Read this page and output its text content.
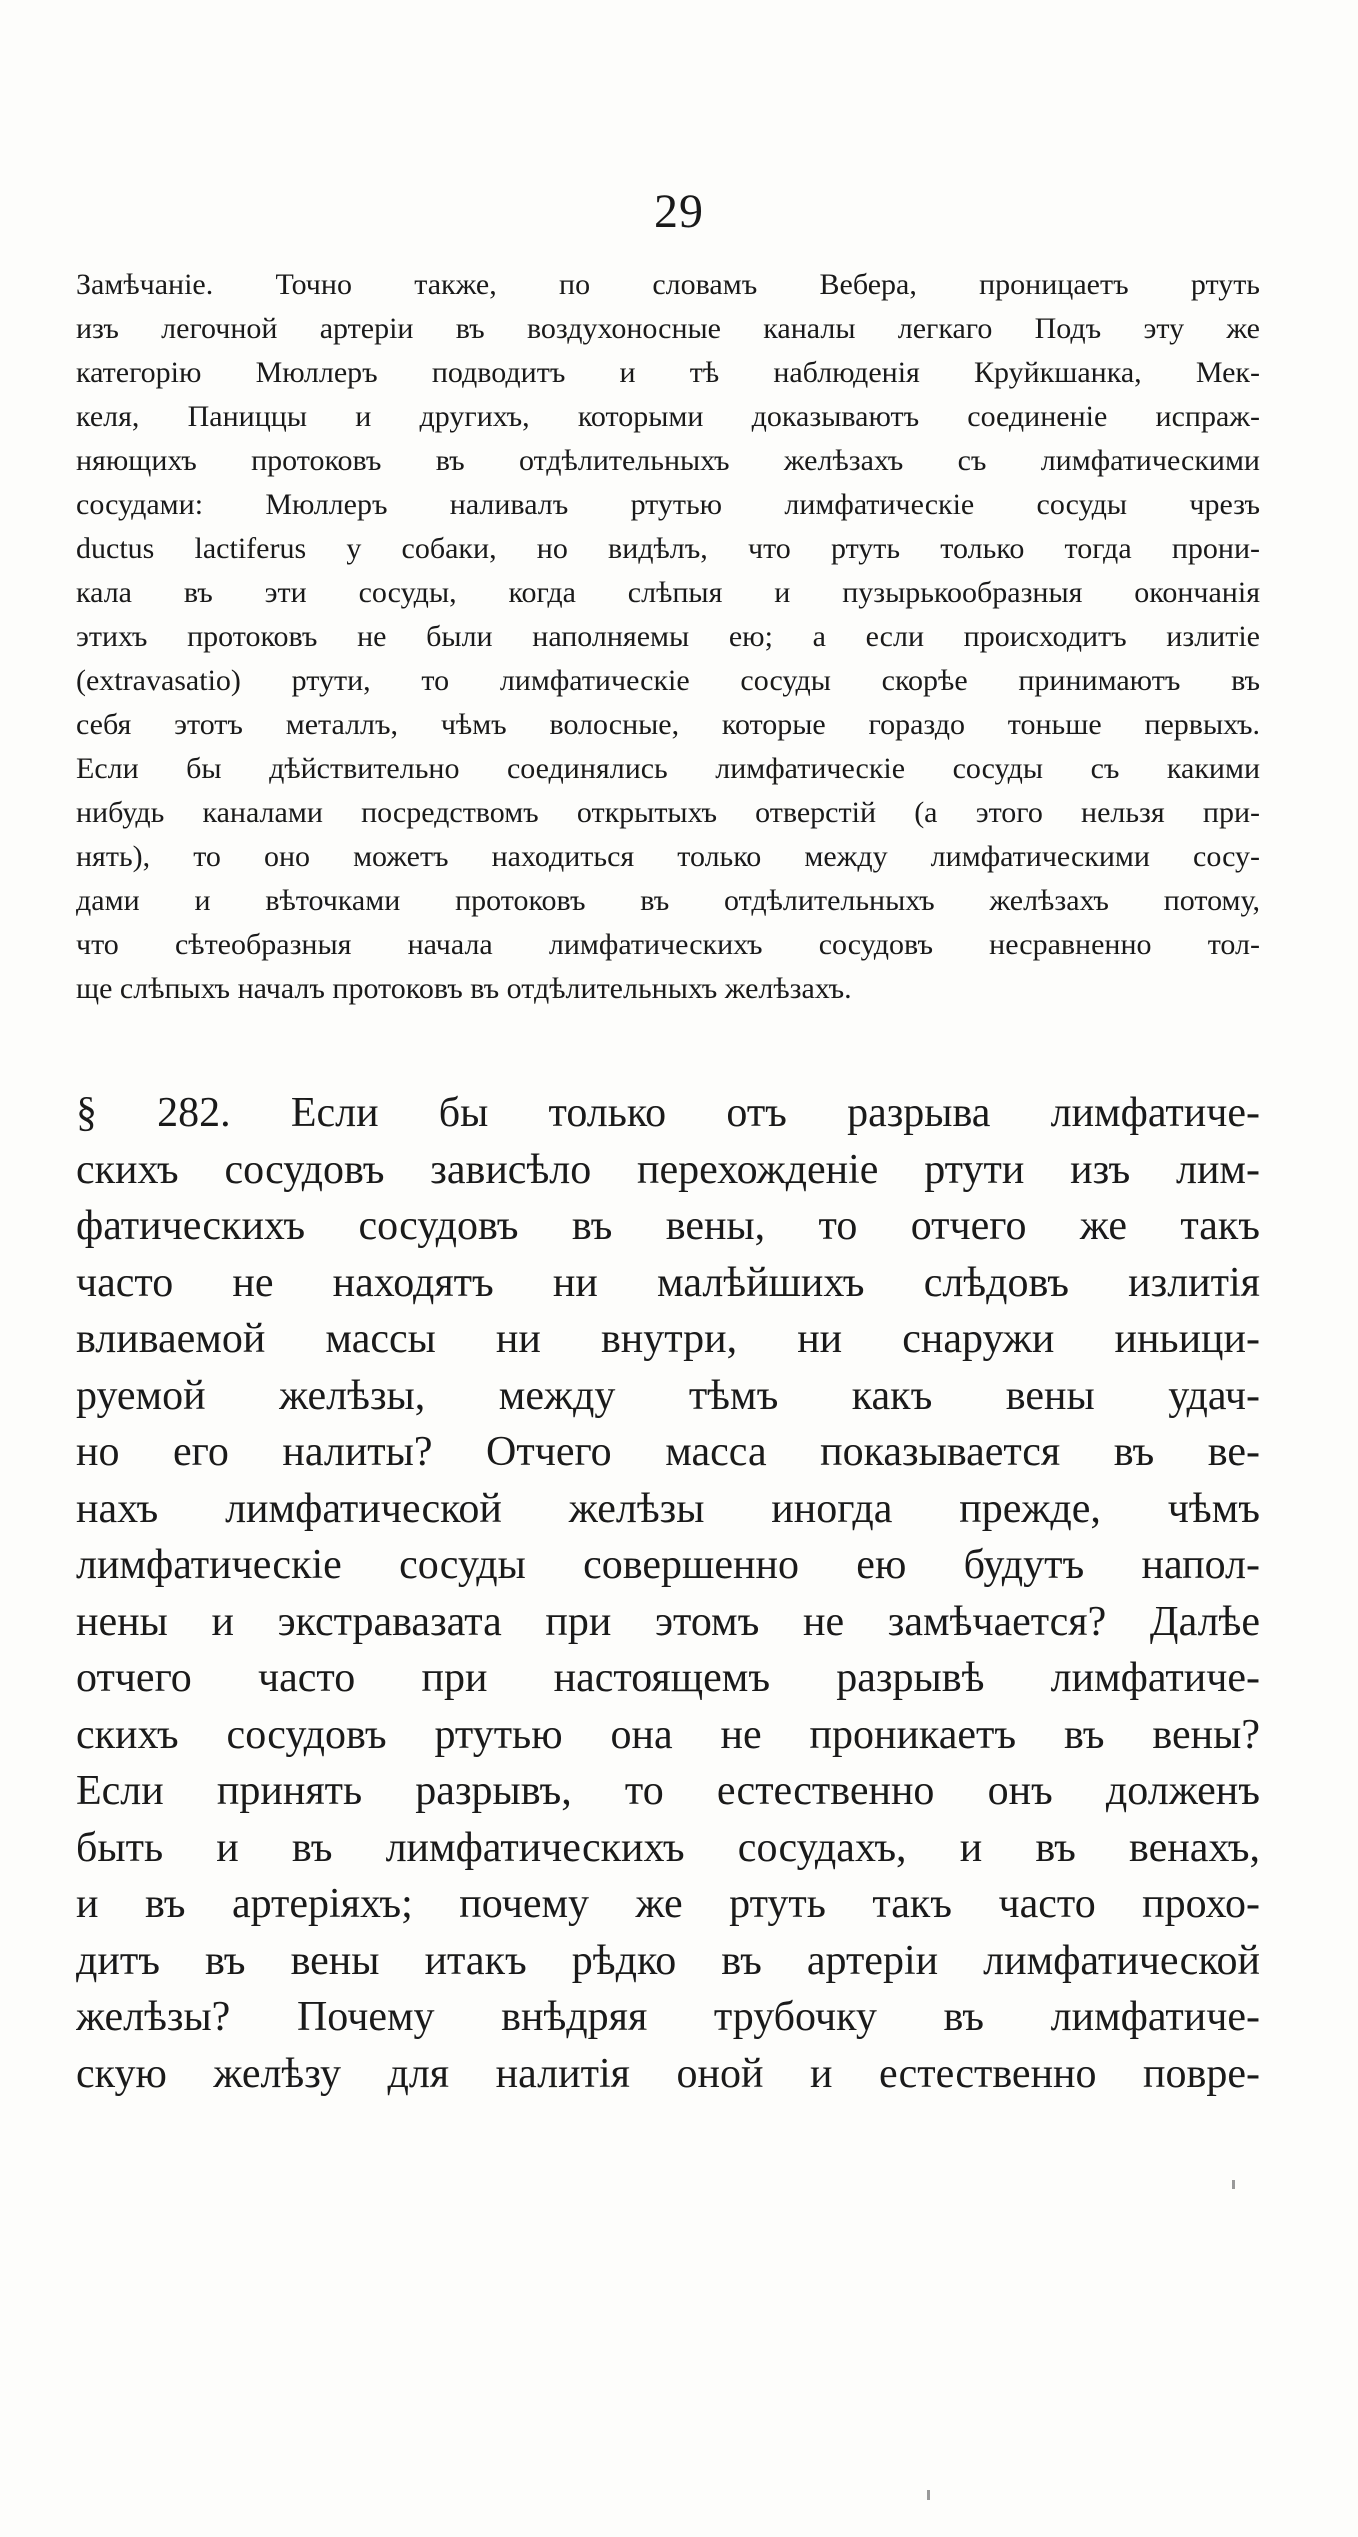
29
Замѣчаніе. Точно также, по словамъ Вебера, проницаетъ ртуть
изъ легочной артеріи въ воздухоносные каналы легкаго Подъ эту же
категорію Мюллеръ подводитъ и тѣ наблюденія Круйкшанка, Мек-
келя, Паниццы и другихъ, которыми доказываютъ соединеніе испраж-
няющихъ протоковъ въ отдѣлительныхъ желѣзахъ съ лимфатическими
сосудами: Мюллеръ наливалъ ртутью лимфатическіе сосуды чрезъ
ductus lactiferus у собаки, но видѣлъ, что ртуть только тогда прони-
кала въ эти сосуды, когда слѣпыя и пузырькообразныя окончанія
этихъ протоковъ не были наполняемы ею; а если происходитъ излитіе
(extravasatio) ртути, то лимфатическіе сосуды скорѣе принимаютъ въ
себя этотъ металлъ, чѣмъ волосные, которые гораздо тоньше первыхъ.
Если бы дѣйствительно соединялись лимфатическіе сосуды съ какими
нибудь каналами посредствомъ открытыхъ отверстій (а этого нельзя при-
нять), то оно можетъ находиться только между лимфатическими сосу-
дами и вѣточками протоковъ въ отдѣлительныхъ желѣзахъ потому,
что сѣтеобразныя начала лимфатическихъ сосудовъ несравненно тол-
ще слѣпыхъ началъ протоковъ въ отдѣлительныхъ желѣзахъ.
§ 282. Если бы только отъ разрыва лимфатиче-
скихъ сосудовъ зависѣло перехожденіе ртути изъ лим-
фатическихъ сосудовъ въ вены, то отчего же такъ
часто не находятъ ни малѣйшихъ слѣдовъ излитія
вливаемой массы ни внутри, ни снаружи иньици-
руемой желѣзы, между тѣмъ какъ вены удач-
но его налиты? Отчего масса показывается въ ве-
нахъ лимфатической желѣзы иногда прежде, чѣмъ
лимфатическіе сосуды совершенно ею будутъ напол-
нены и экстравазата при этомъ не замѣчается? Далѣе
отчего часто при настоящемъ разрывѣ лимфатиче-
скихъ сосудовъ ртутью она не проникаетъ въ вены?
Если принять разрывъ, то естественно онъ долженъ
быть и въ лимфатическихъ сосудахъ, и въ венахъ,
и въ артеріяхъ; почему же ртуть такъ часто прохо-
дитъ въ вены итакъ рѣдко въ артеріи лимфатической
желѣзы? Почему внѣдряя трубочку въ лимфатиче-
скую желѣзу для налитія оной и естественно повре-
